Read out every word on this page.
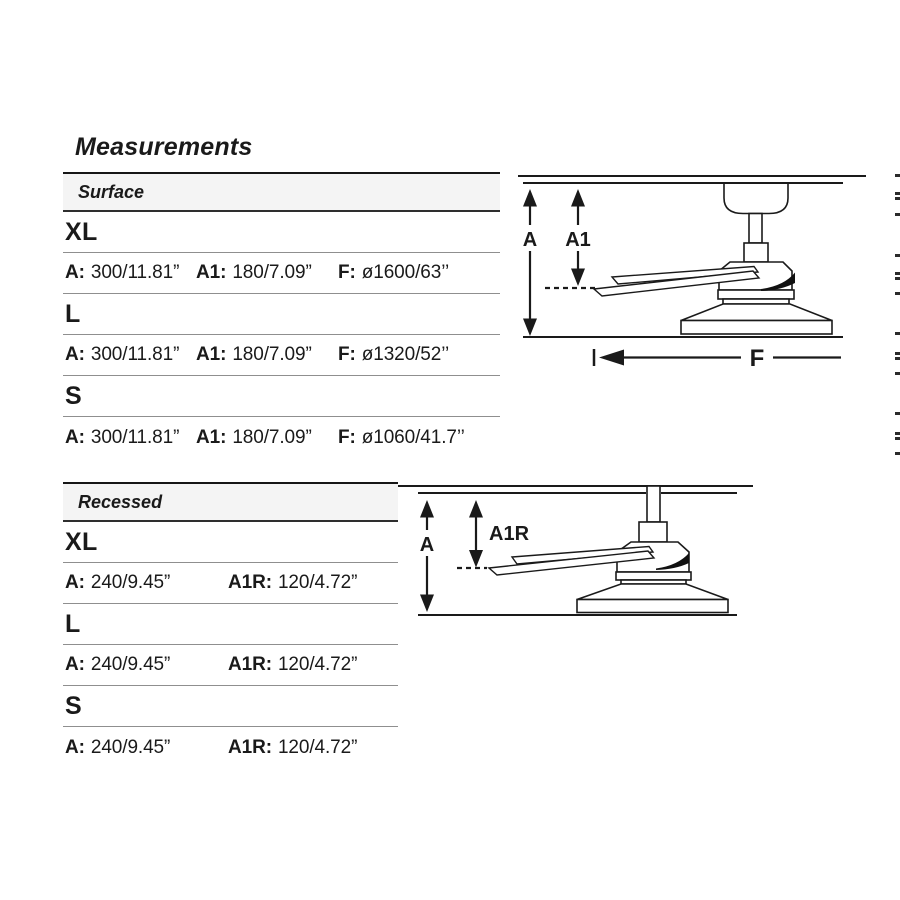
Measurements
Surface
XL
A: 300/11.81” A1: 180/7.09” F: ø1600/63’’
L
A: 300/11.81” A1: 180/7.09” F: ø1320/52’’
S
A: 300/11.81” A1: 180/7.09” F: ø1060/41.7’’
A A1
F
Recessed
XL
A: 240/9.45”	A1R: 120/4.72”
L
A: 240/9.45”	A1R: 120/4.72”
S
A: 240/9.45”	A1R: 120/4.72”
A	A1R
